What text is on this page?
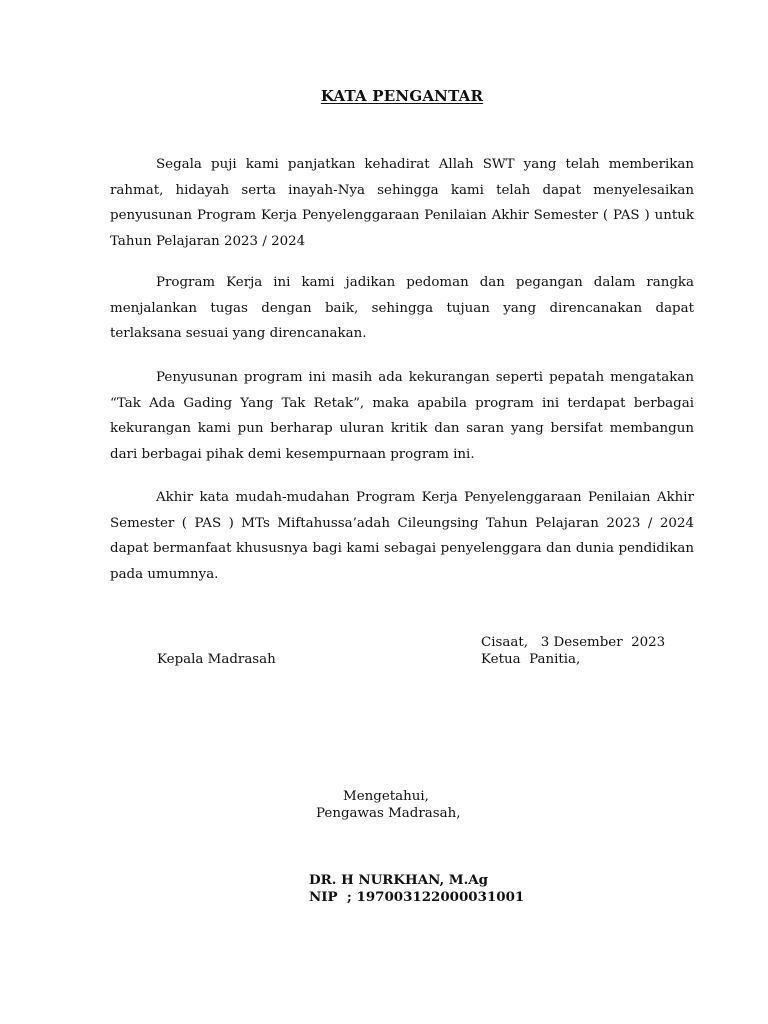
KATA PENGANTAR

Segala puji kami panjatkan kehadirat Allah SWT yang telah memberikan rahmat, hidayah serta inayah-Nya sehingga kami telah dapat menyelesaikan penyusunan Program Kerja Penyelenggaraan Penilaian Akhir Semester ( PAS ) untuk Tahun Pelajaran 2023 / 2024

Program Kerja ini kami jadikan pedoman dan pegangan dalam rangka menjalankan tugas dengan baik, sehingga tujuan yang direncanakan dapat terlaksana sesuai yang direncanakan.

Penyusunan program ini masih ada kekurangan seperti pepatah mengatakan “Tak Ada Gading Yang Tak Retak”, maka apabila program ini terdapat berbagai kekurangan kami pun berharap uluran kritik dan saran yang bersifat membangun dari berbagai pihak demi kesempurnaan program ini.

Akhir kata mudah-mudahan Program Kerja Penyelenggaraan Penilaian Akhir Semester ( PAS ) MTs Miftahussa’adah Cileungsing Tahun Pelajaran 2023 / 2024 dapat bermanfaat khususnya bagi kami sebagai penyelenggara dan dunia pendidikan pada umumnya.

Cisaat,   3 Desember  2023
Kepala Madrasah	Ketua  Panitia,
Mengetahui,
Pengawas Madrasah,
DR. H NURKHAN, M.Ag
NIP  ; 197003122000031001
